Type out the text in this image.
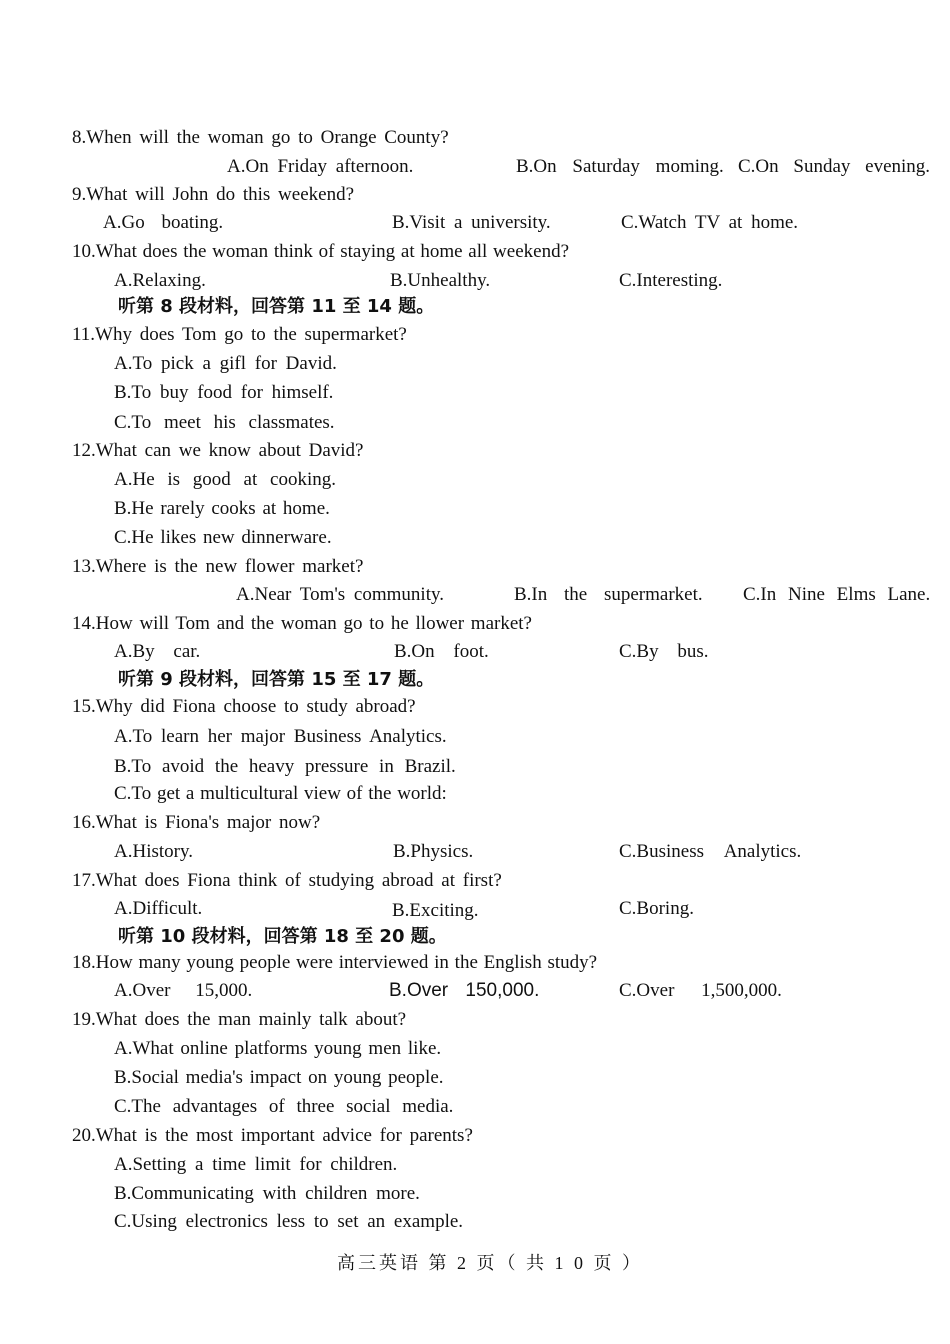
8.When will the woman go to Orange County?
A.On Friday afternoon.	B.On Saturday moming. C.On Sunday evening.
9.What will John do this weekend?
A.Go boating.	B.Visit a university.	C.Watch TV at home.
10.What does the woman think of staying at home all weekend?
A.Relaxing.	B.Unhealthy.	C.Interesting.
听第 8 段材料，回答第 11 至 14 题。
11.Why does Tom go to the supermarket?
A.To pick a gifl for David.
B.To buy food for himself.
C.To meet his classmates.
12.What can we know about David?
A.He is good at cooking.
B.He rarely cooks at home.
C.He likes new dinnerware.
13.Where is the new flower market?
A.Near Tom's community.	B.In the supermarket. C.In Nine Elms Lane.
14.How will Tom and the woman go to he llower market?
A.By car.	B.On foot.	C.By bus.
听第 9 段材料，回答第 15 至 17 题。
15.Why did Fiona choose to study abroad?
A.To learn her major Business Analytics.
B.To avoid the heavy pressure in Brazil.
C.To get a multicultural view of the world:
16.What is Fiona's major now?
A.History.	B.Physics.	C.Business Analytics.
17.What does Fiona think of studying abroad at first?
A.Difficult.	B.Exciting.	C.Boring.
听第 10 段材料，回答第 18 至 20 题。
18.How many young people were interviewed in the English study?
A.Over 15,000.	B.Over 150,000.	C.Over 1,500,000.
19.What does the man mainly talk about?
A.What online platforms young men like.
B.Social media's impact on young people.
C.The advantages of three social media.
20.What is the most important advice for parents?
A.Setting a time limit for children.
B.Communicating with children more.
C.Using electronics less to set an example.
高三英语 第 2 页（ 共 1 0 页 ）
